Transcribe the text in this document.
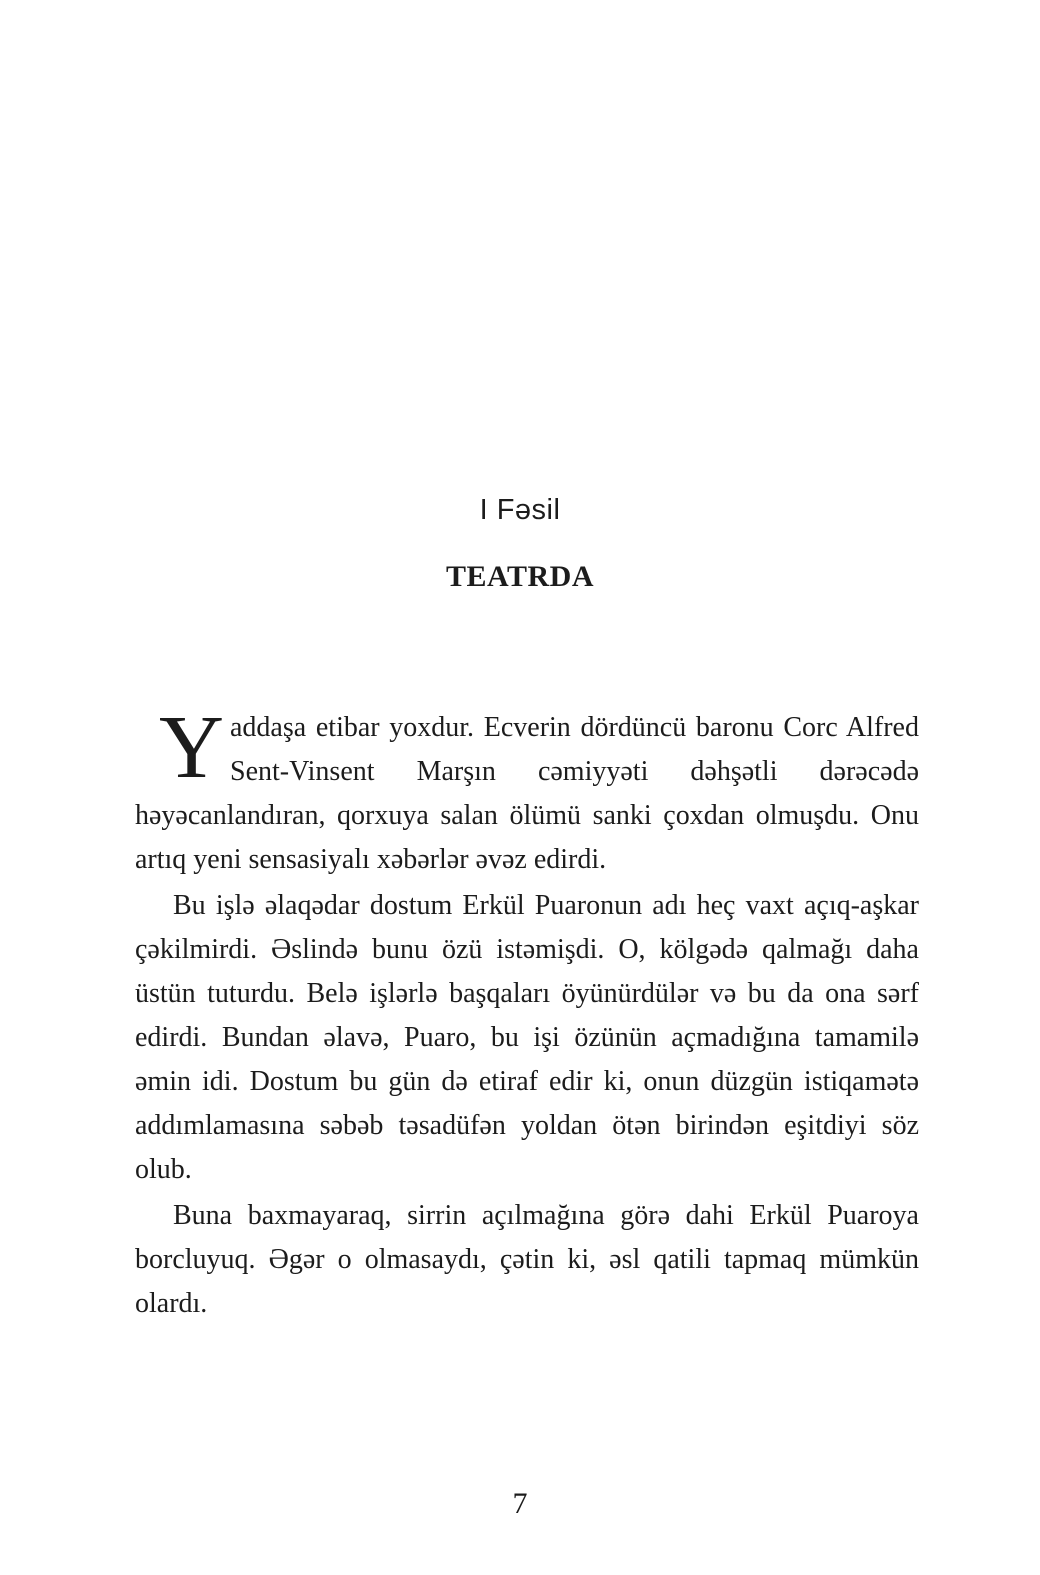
I Fəsil
TEATRDA

Yaddaşa etibar yoxdur. Ecverin dördüncü baronu Corc Alfred Sent-Vinsent Marşın cəmiyyəti dəhşətli dərəcədə həyəcanlandıran, qorxuya salan ölümü sanki çoxdan olmuşdu. Onu artıq yeni sensasiyalı xəbərlər əvəz edirdi.

Bu işlə əlaqədar dostum Erkül Puaronun adı heç vaxt açıq-aşkar çəkilmirdi. Əslində bunu özü istəmişdi. O, kölgədə qalmağı daha üstün tuturdu. Belə işlərlə başqaları öyünürdülər və bu da ona sərf edirdi. Bundan əlavə, Puaro, bu işi özünün açmadığına tamamilə əmin idi. Dostum bu gün də etiraf edir ki, onun düzgün istiqamətə addımlamasına səbəb təsadüfən yoldan ötən birindən eşitdiyi söz olub.

Buna baxmayaraq, sirrin açılmağına görə dahi Erkül Puaroya borcluyuq. Əgər o olmasaydı, çətin ki, əsl qatili tapmaq mümkün olardı.

7
